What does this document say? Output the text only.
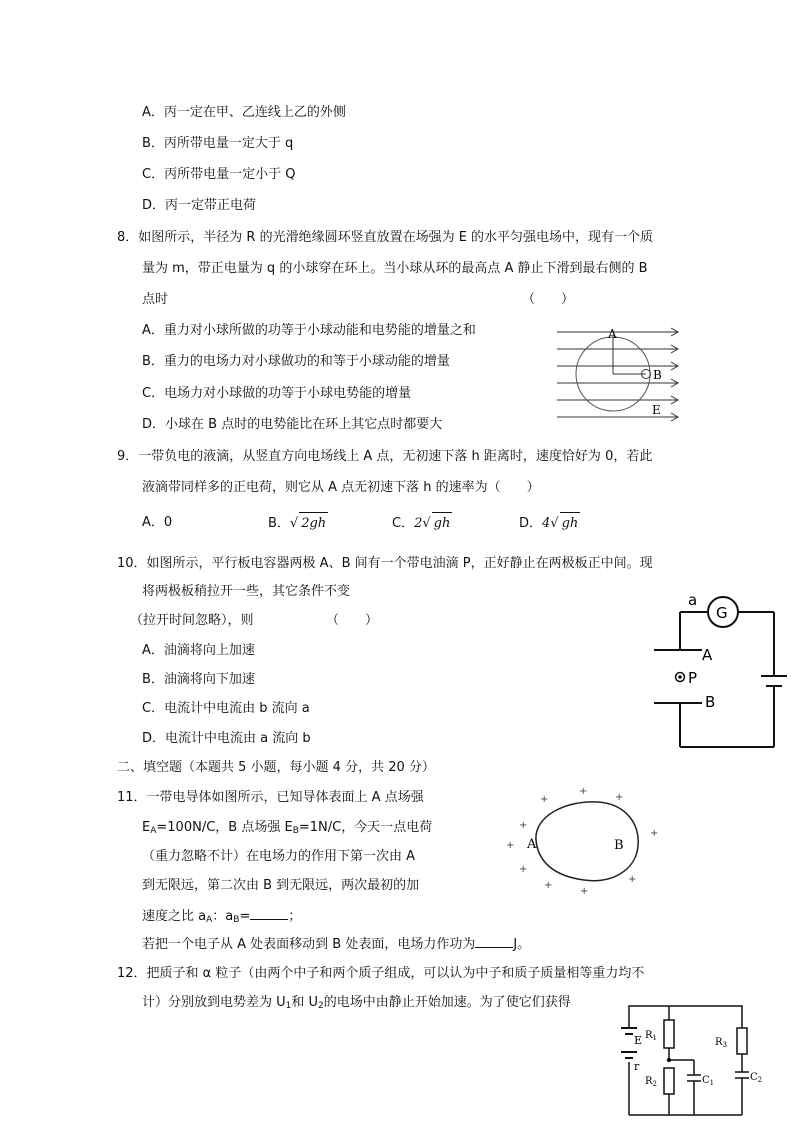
A．丙一定在甲、乙连线上乙的外侧
B．丙所带电量一定大于 q
C．丙所带电量一定小于 Q
D．丙一定带正电荷
8．如图所示，半径为 R 的光滑绝缘圆环竖直放置在场强为 E 的水平匀强电场中，现有一个质
量为 m，带正电量为 q 的小球穿在环上。当小球从环的最高点 A 静止下滑到最右侧的 B
点时	（　　）
A．重力对小球所做的功等于小球动能和电势能的增量之和
B．重力的电场力对小球做功的和等于小球动能的增量
C．电场力对小球做的功等于小球电势能的增量
D．小球在 B 点时的电势能比在环上其它点时都要大
A
B
E
9．一带负电的液滴，从竖直方向电场线上 A 点，无初速下落 h 距离时，速度恰好为 0，若此
液滴带同样多的正电荷，则它从 A 点无初速下落 h 的速率为（　　）
A．0	B．√ 2gh	C．2√ gh	D．4√ gh
10．如图所示，平行板电容器两极 A、B 间有一个带电油滴 P，正好静止在两极板正中间。现
将两极板稍拉开一些，其它条件不变
（拉开时间忽略），则	（　　）
A．油滴将向上加速
B．油滴将向下加速
C．电流计中电流由 b 流向 a
D．电流计中电流由 a 流向 b
a
G
A
P
B
二、填空题（本题共 5 小题，每小题 4 分，共 20 分）
11．一带电导体如图所示，已知导体表面上 A 点场强
$E_A=100N/C$，B 点场强 $E_B=1N/C$，今天一点电荷
（重力忽略不计）在电场力的作用下第一次由 A
到无限远，第二次由 B 到无限远，两次最初的加
速度之比 $a_A$：$a_B=$	；
若把一个电子从 A 处表面移动到 B 处表面，电场力作功为	J。
+
+
+
+
+
+
+
+
+
+
A	B
12．把质子和 α 粒子（由两个中子和两个质子组成，可以认为中子和质子质量相等重力均不
计）分别放到电势差为 $U_1$和 $U_2$的电场中由静止开始加速。为了使它们获得
E
r
$R_1$
$R_2$
$R_3$
$C_1$	$C_2$
